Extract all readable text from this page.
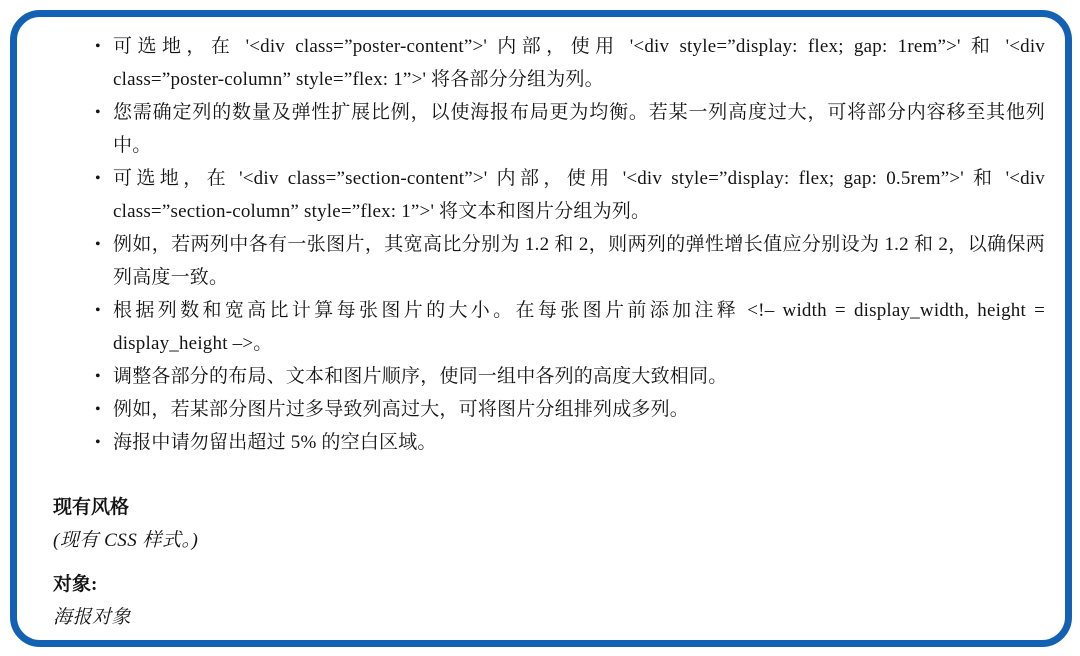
• 可选地，在 '<div class=”poster-content”>' 内部，使用 '<div style=”display: flex; gap: 1rem”>' 和 '<div class=”poster-column” style=”flex: 1”>' 将各部分分组为列。
• 您需确定列的数量及弹性扩展比例，以使海报布局更为均衡。若某一列高度过大，可将部分内容移至其他列中。
• 可选地，在 '<div class=”section-content”>' 内部，使用 '<div style=”display: flex; gap: 0.5rem”>' 和 '<div class=”section-column” style=”flex: 1”>' 将文本和图片分组为列。
• 例如，若两列中各有一张图片，其宽高比分别为 1.2 和 2，则两列的弹性增长值应分别设为 1.2 和 2，以确保两列高度一致。
• 根据列数和宽高比计算每张图片的大小。在每张图片前添加注释 <!– width = display_width, height = display_height –>。
• 调整各部分的布局、文本和图片顺序，使同一组中各列的高度大致相同。
• 例如，若某部分图片过多导致列高过大，可将图片分组排列成多列。
• 海报中请勿留出超过 5% 的空白区域。

现有风格

(现有 CSS 样式。)

对象:

海报对象
